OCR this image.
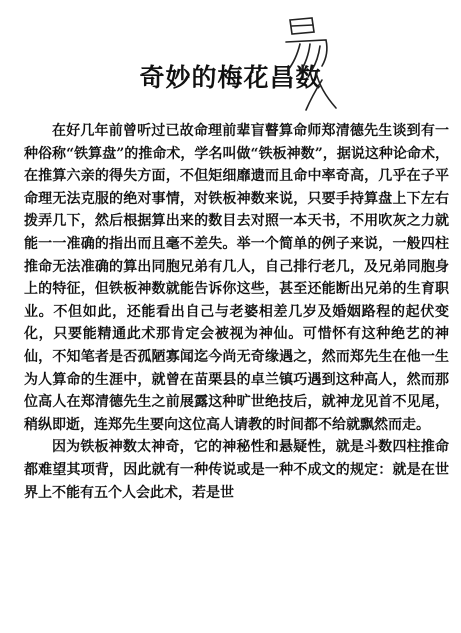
奇妙的梅花昌数

在好几年前曾听过已故命理前辈盲瞽算命师郑清德先生谈到有一种俗称“铁算盘”的推命术，学名叫做“铁板神数”，据说这种论命术，在推算六亲的得失方面，不但矩细靡遗而且命中率奇高，几乎在子平命理无法克服的绝对事情，对铁板神数来说，只要手持算盘上下左右拨弄几下，然后根据算出来的数目去对照一本天书，不用吹灰之力就能一一准确的指出而且毫不差失。举一个简单的例子来说，一般四柱推命无法准确的算出同胞兄弟有几人，自己排行老几，及兄弟同胞身上的特征，但铁板神数就能告诉你这些，甚至还能断出兄弟的生育职业。不但如此，还能看出自己与老婆相差几岁及婚姻路程的起伏变化，只要能精通此术那肯定会被视为神仙。可惜怀有这种绝艺的神仙，不知笔者是否孤陋寡闻迄今尚无奇缘遇之，然而郑先生在他一生为人算命的生涯中，就曾在苗栗县的卓兰镇巧遇到这种高人，然而那位高人在郑清德先生之前展露这种旷世绝技后，就神龙见首不见尾，稍纵即逝，连郑先生要向这位高人请教的时间都不给就飘然而走。

因为铁板神数太神奇，它的神秘性和悬疑性，就是斗数四柱推命都难望其项背，因此就有一种传说或是一种不成文的规定：就是在世界上不能有五个人会此术，若是世
